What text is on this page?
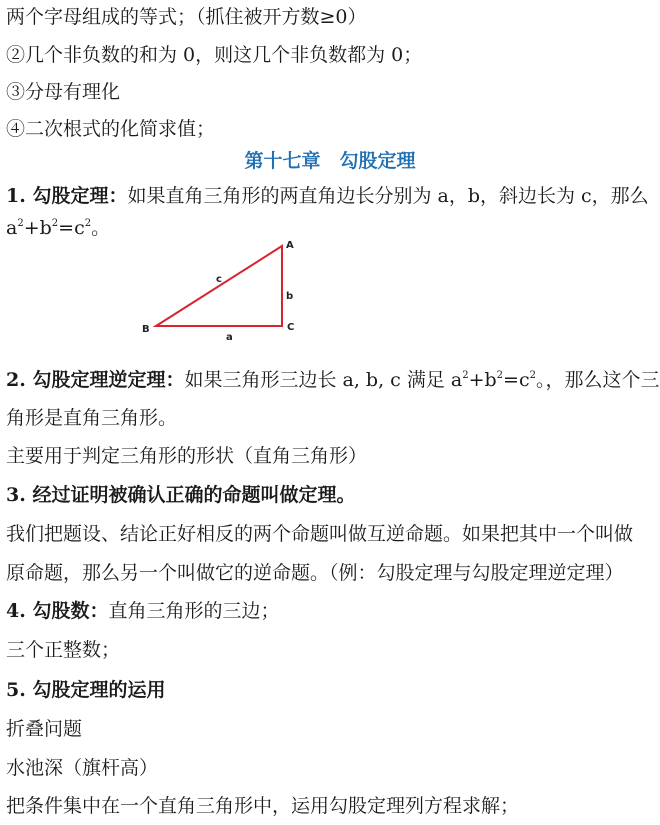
两个字母组成的等式；（抓住被开方数≥0）
②几个非负数的和为 0，则这几个非负数都为 0；
③分母有理化
④二次根式的化简求值；
第十七章　勾股定理
1. 勾股定理：如果直角三角形的两直角边长分别为 a，b，斜边长为 c，那么
$a^2+b^2=c^2$。
A
B	C
c
b
a
2. 勾股定理逆定理：如果三角形三边长 a, b, c 满足 $a^2+b^2=c^2$。，那么这个三
角形是直角三角形。
主要用于判定三角形的形状（直角三角形）
3. 经过证明被确认正确的命题叫做定理。
我们把题设、结论正好相反的两个命题叫做互逆命题。如果把其中一个叫做
原命题，那么另一个叫做它的逆命题。（例：勾股定理与勾股定理逆定理）
4. 勾股数：直角三角形的三边；
三个正整数；
5. 勾股定理的运用
折叠问题
水池深（旗杆高）
把条件集中在一个直角三角形中，运用勾股定理列方程求解；
